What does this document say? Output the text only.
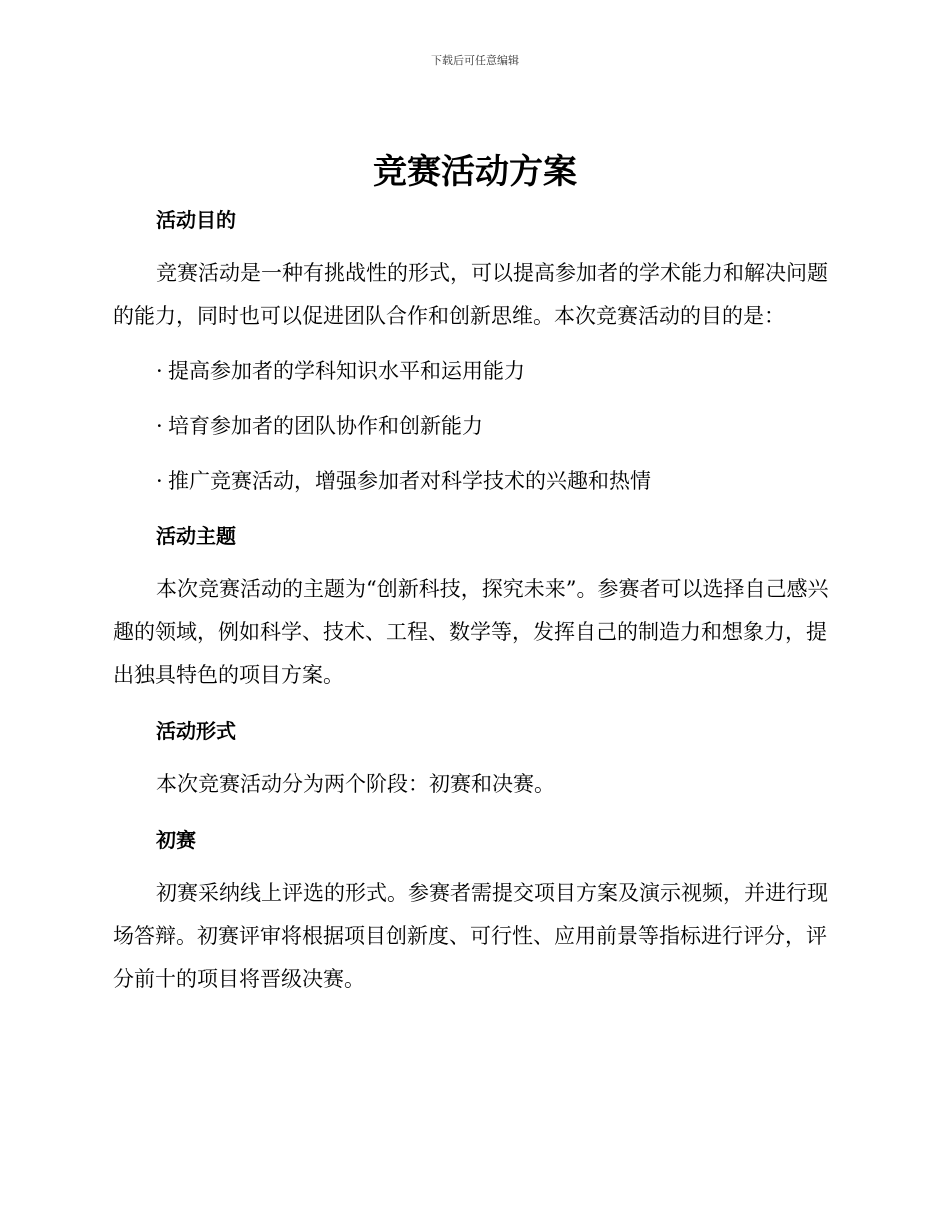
下载后可任意编辑
竞赛活动方案
活动目的

竞赛活动是一种有挑战性的形式，可以提高参加者的学术能力和解决问题的能力，同时也可以促进团队合作和创新思维。本次竞赛活动的目的是：

· 提高参加者的学科知识水平和运用能力

· 培育参加者的团队协作和创新能力

· 推广竞赛活动，增强参加者对科学技术的兴趣和热情

活动主题

本次竞赛活动的主题为“创新科技，探究未来”。参赛者可以选择自己感兴趣的领域，例如科学、技术、工程、数学等，发挥自己的制造力和想象力，提出独具特色的项目方案。

活动形式

本次竞赛活动分为两个阶段：初赛和决赛。

初赛

初赛采纳线上评选的形式。参赛者需提交项目方案及演示视频，并进行现场答辩。初赛评审将根据项目创新度、可行性、应用前景等指标进行评分，评分前十的项目将晋级决赛。
